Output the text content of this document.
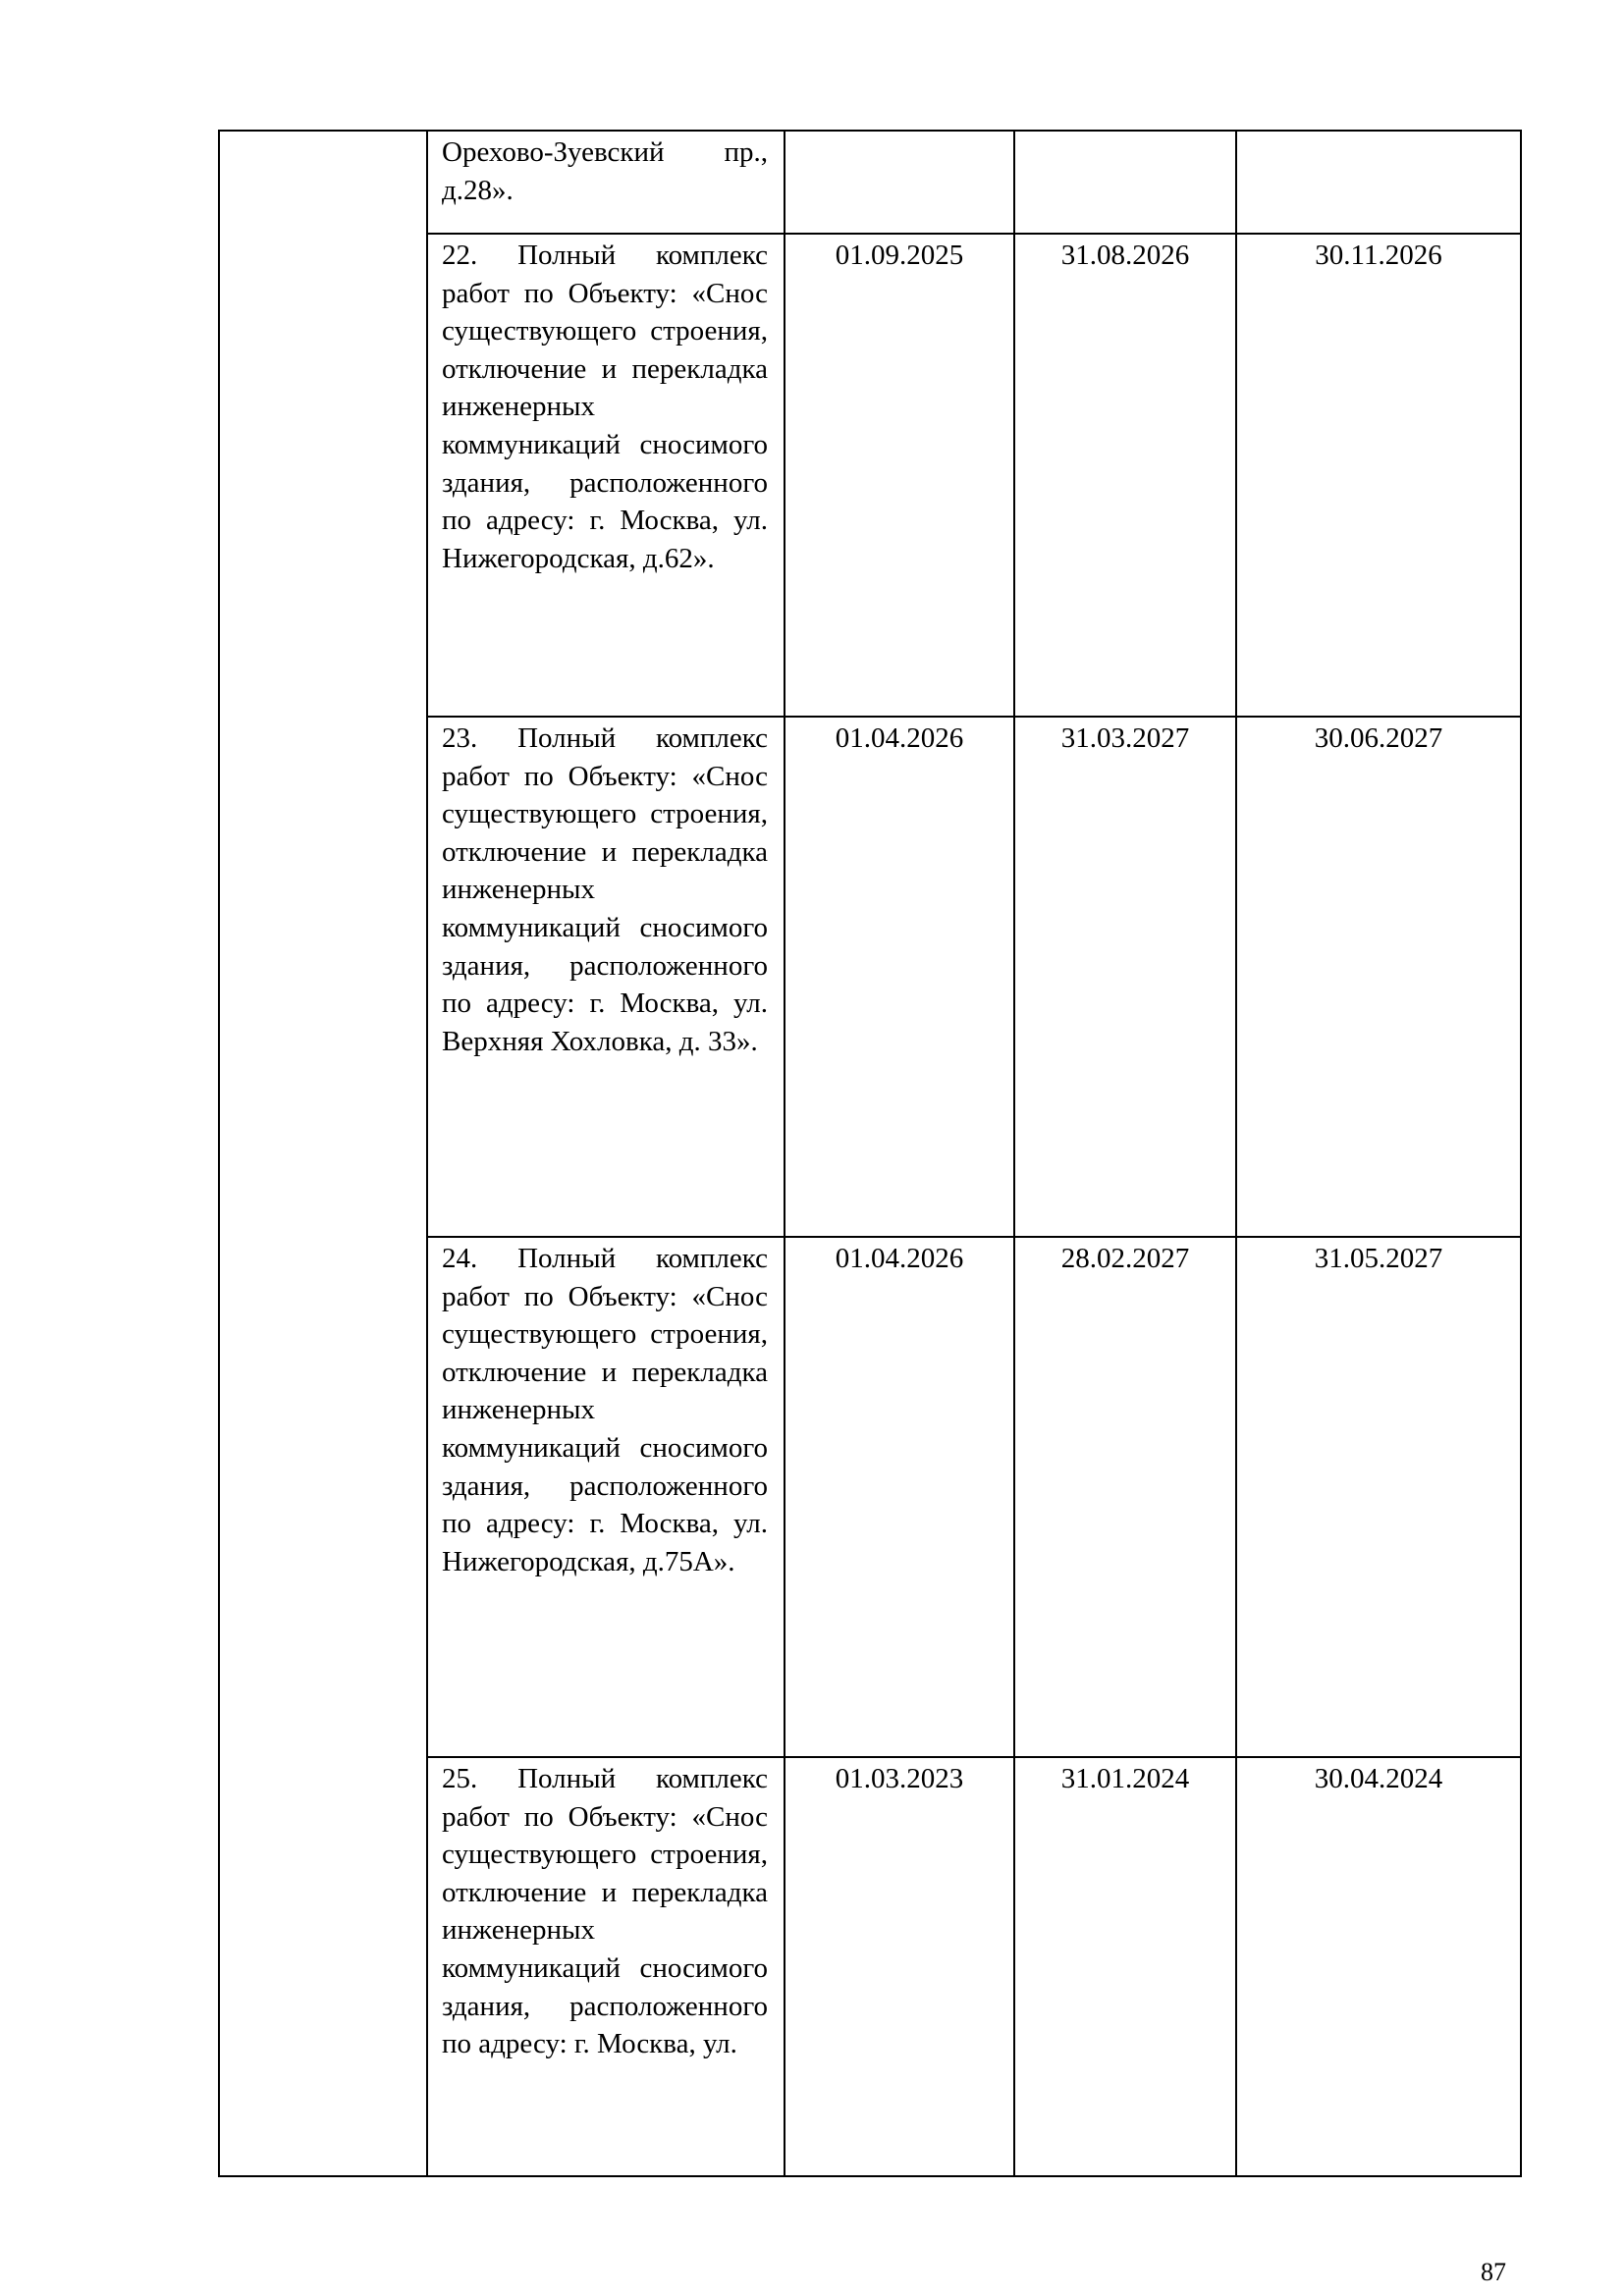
	Орехово-Зуевский пр., д.28».			

	22. Полный комплекс работ по Объекту: «Снос существующего строения, отключение и перекладка инженерных коммуникаций сносимого здания, расположенного по адресу: г. Москва, ул. Нижегородская, д.62».	01.09.2025	31.08.2026	30.11.2026

	23. Полный комплекс работ по Объекту: «Снос существующего строения, отключение и перекладка инженерных коммуникаций сносимого здания, расположенного по адресу: г. Москва, ул. Верхняя Хохловка, д. 33».	01.04.2026	31.03.2027	30.06.2027

	24. Полный комплекс работ по Объекту: «Снос существующего строения, отключение и перекладка инженерных коммуникаций сносимого здания, расположенного по адресу: г. Москва, ул. Нижегородская, д.75А».	01.04.2026	28.02.2027	31.05.2027

	25. Полный комплекс работ по Объекту: «Снос существующего строения, отключение и перекладка инженерных коммуникаций сносимого здания, расположенного по адресу: г. Москва, ул.	01.03.2023	31.01.2024	30.04.2024
87
